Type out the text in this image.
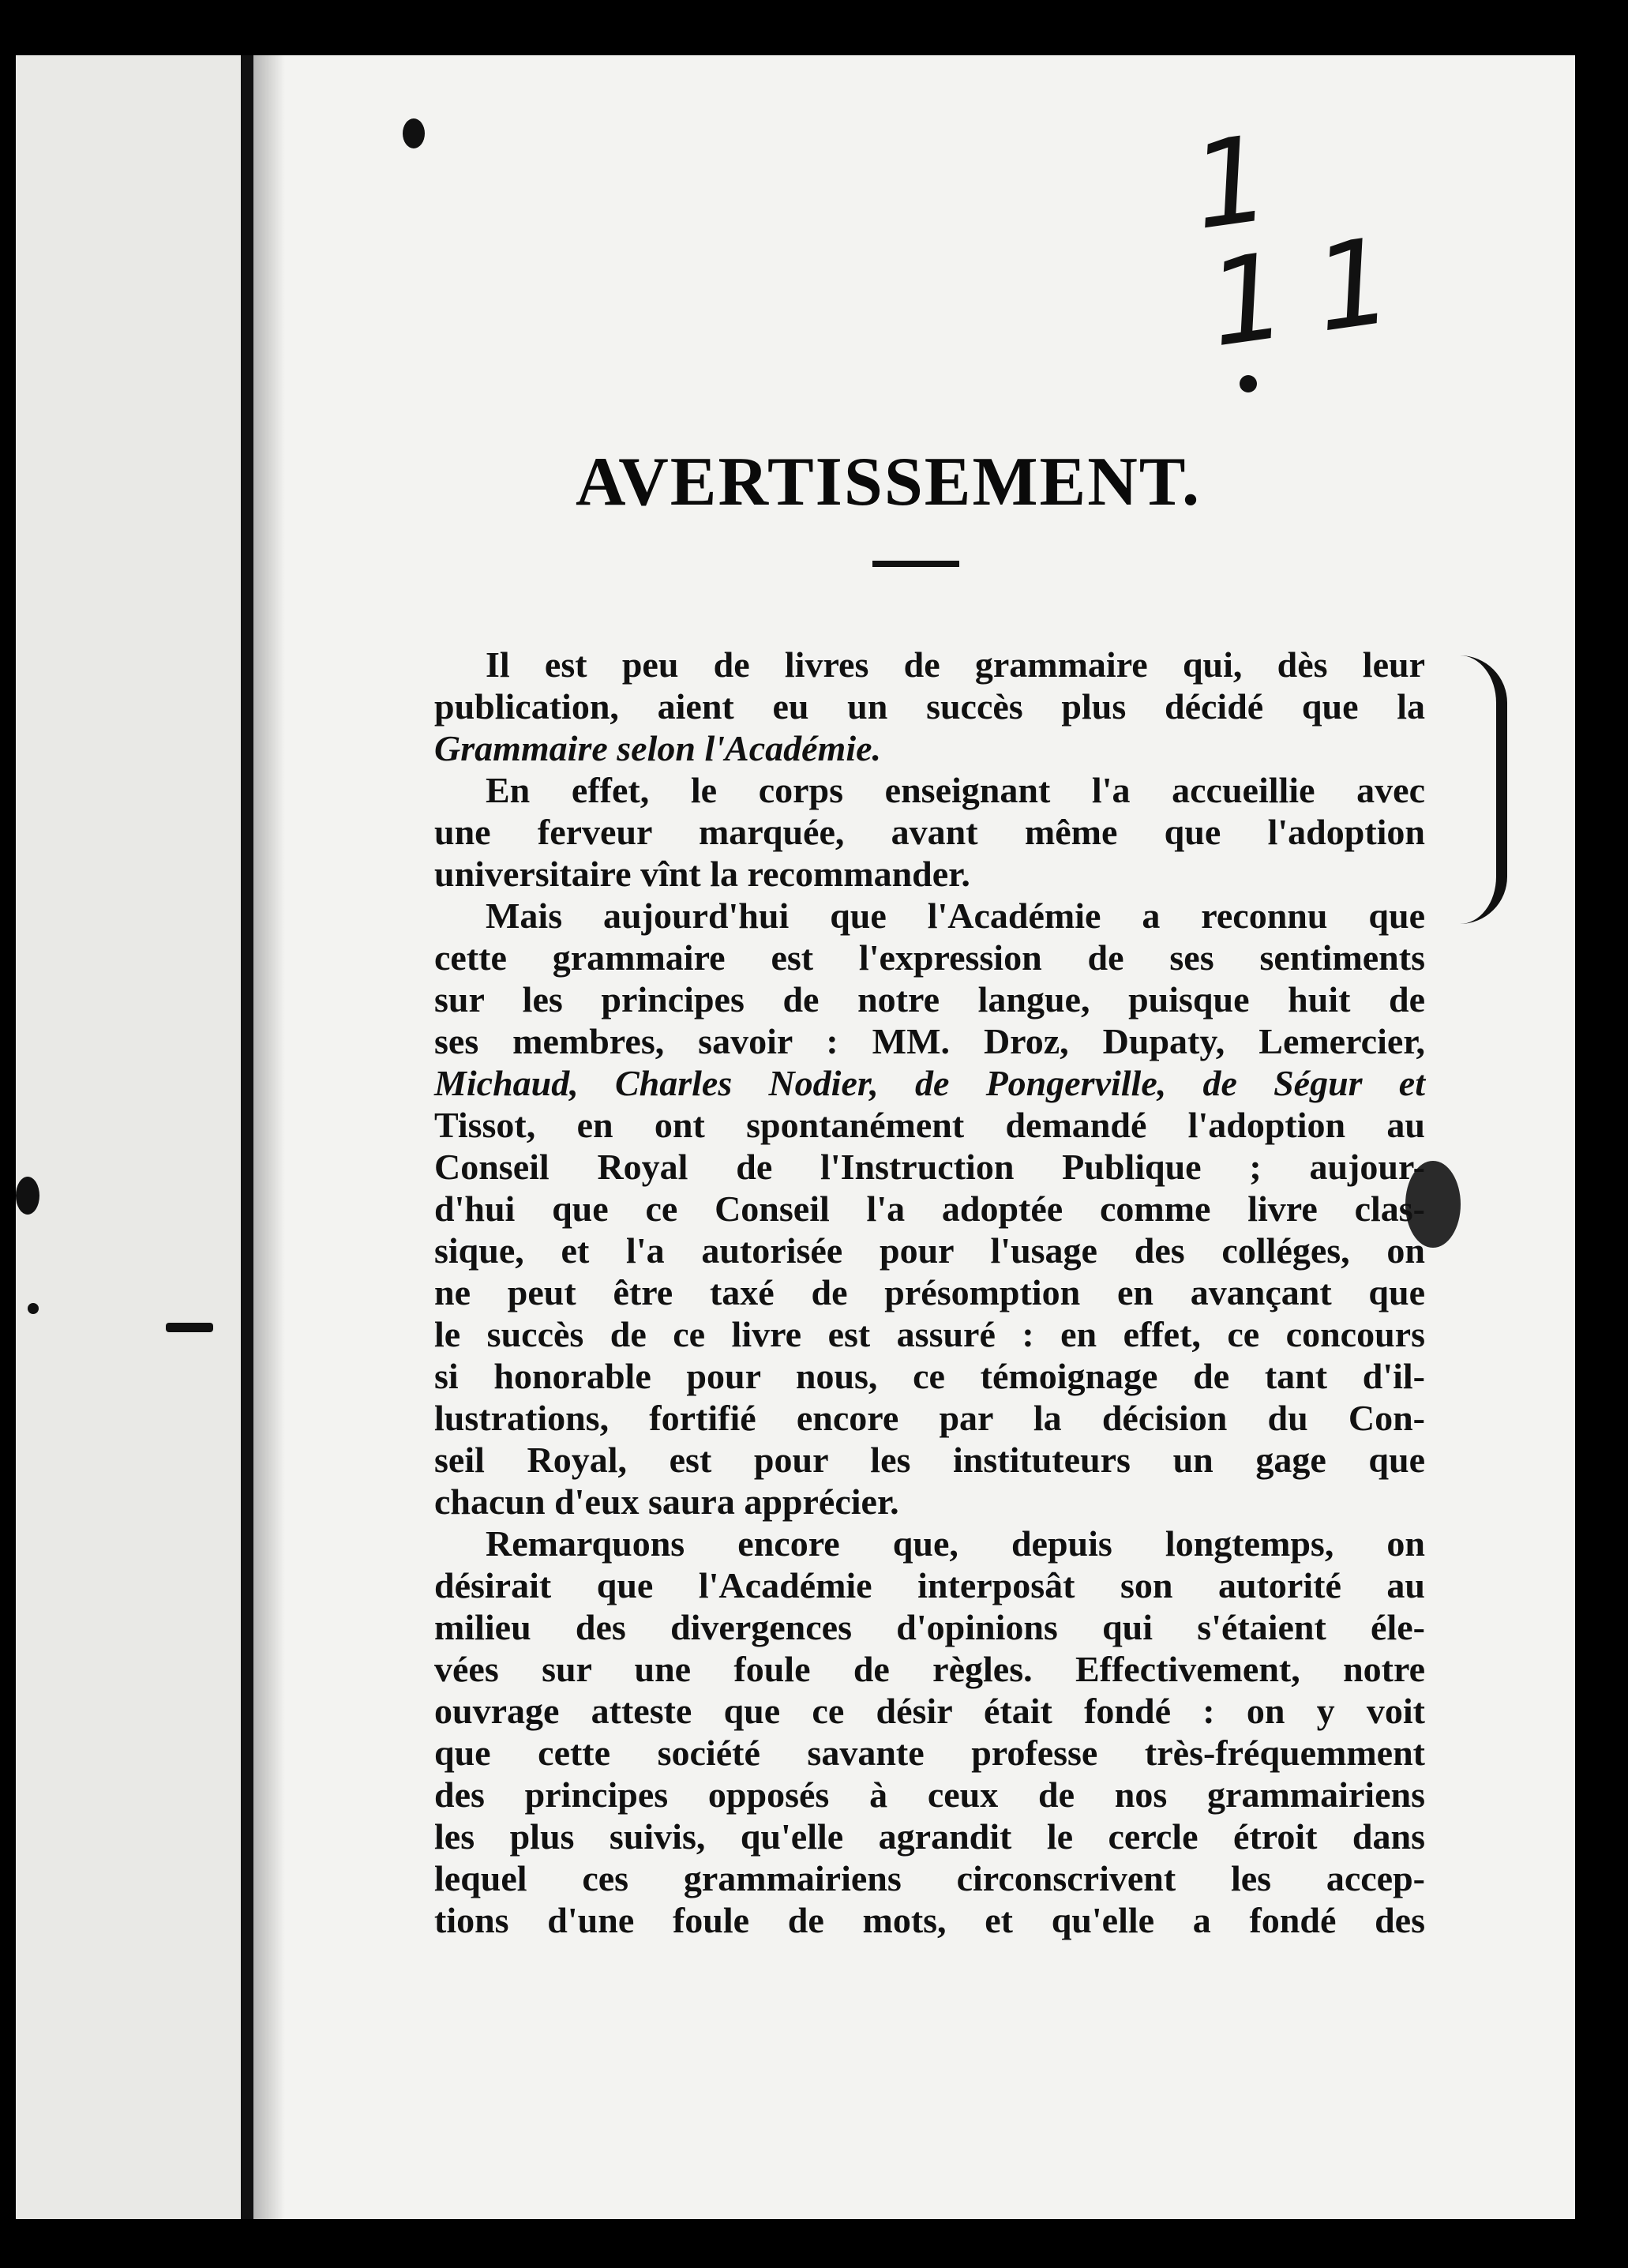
1 11
AVERTISSEMENT.
Il est peu de livres de grammaire qui, dès leur
publication, aient eu un succès plus décidé que la
Grammaire selon l'Académie.
En effet, le corps enseignant l'a accueillie avec
une ferveur marquée, avant même que l'adoption
universitaire vînt la recommander.
Mais aujourd'hui que l'Académie a reconnu que
cette grammaire est l'expression de ses sentiments
sur les principes de notre langue, puisque huit de
ses membres, savoir : MM. Droz, Dupaty, Lemercier,
Michaud, Charles Nodier, de Pongerville, de Ségur et
Tissot, en ont spontanément demandé l'adoption au
Conseil Royal de l'Instruction Publique ; aujour-
d'hui que ce Conseil l'a adoptée comme livre clas-
sique, et l'a autorisée pour l'usage des colléges, on
ne peut être taxé de présomption en avançant que
le succès de ce livre est assuré : en effet, ce concours
si honorable pour nous, ce témoignage de tant d'il-
lustrations, fortifié encore par la décision du Con-
seil Royal, est pour les instituteurs un gage que
chacun d'eux saura apprécier.
Remarquons encore que, depuis longtemps, on
désirait que l'Académie interposât son autorité au
milieu des divergences d'opinions qui s'étaient éle-
vées sur une foule de règles. Effectivement, notre
ouvrage atteste que ce désir était fondé : on y voit
que cette société savante professe très-fréquemment
des principes opposés à ceux de nos grammairiens
les plus suivis, qu'elle agrandit le cercle étroit dans
lequel ces grammairiens circonscrivent les accep-
tions d'une foule de mots, et qu'elle a fondé des
